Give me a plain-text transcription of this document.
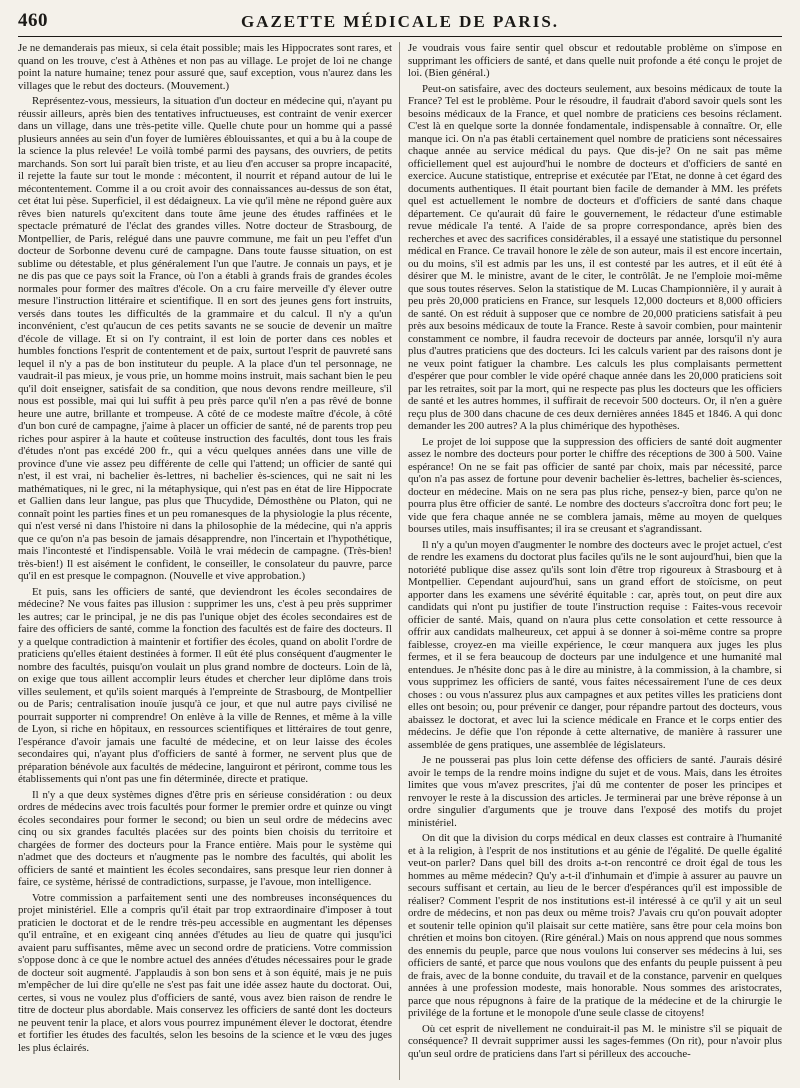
460	GAZETTE MÉDICALE DE PARIS.

Je ne demanderais pas mieux, si cela était possible; mais les Hippocrates sont rares, et quand on les trouve, c'est à Athènes et non pas au village. Le projet de loi ne change point la nature humaine; tenez pour assuré que, sauf exception, vous n'aurez dans les villages que le rebut des docteurs. (Mouvement.)

Représentez-vous, messieurs, la situation d'un docteur en médecine qui, n'ayant pu réussir ailleurs, après bien des tentatives infructueuses, est contraint de venir exercer dans un village, dans une très-petite ville. Quelle chute pour un homme qui a passé plusieurs années au sein d'un foyer de lumières éblouissantes, et qui a bu à la coupe de la science la plus relevée! Le voilà tombé parmi des paysans, des ouvriers, de petits marchands. Son sort lui paraît bien triste, et au lieu d'en accuser sa propre incapacité, il rejette la faute sur tout le monde : mécontent, il nourrit et répand autour de lui le mécontentement. Comme il a ou croit avoir des connaissances au-dessus de son état, cet état lui pèse. Superficiel, il est dédaigneux. La vie qu'il mène ne répond guère aux rêves bien naturels qu'excitent dans toute âme jeune des études raffinées et le spectacle prématuré de l'éclat des grandes villes. Notre docteur de Strasbourg, de Montpellier, de Paris, relégué dans une pauvre commune, me fait un peu l'effet d'un docteur de Sorbonne devenu curé de campagne. Dans toute fausse situation, on est sublime ou détestable, et plus généralement l'un que l'autre. Je connais un pays, et je ne dis pas que ce pays soit la France, où l'on a établi à grands frais de grandes écoles normales pour former des maîtres d'école. On a cru faire merveille d'y élever outre mesure l'instruction littéraire et scientifique. Il en sort des jeunes gens fort instruits, versés dans toutes les difficultés de la grammaire et du calcul. Il n'y a qu'un inconvénient, c'est qu'aucun de ces petits savants ne se soucie de devenir un maître d'école de village. Et si on l'y contraint, il est loin de porter dans ces nobles et humbles fonctions l'esprit de contentement et de paix, surtout l'esprit de pauvreté sans lequel il n'y a pas de bon instituteur du peuple. A la place d'un tel personnage, ne vaudrait-il pas mieux, je vous prie, un homme moins instruit, mais sachant bien le peu qu'il doit enseigner, satisfait de sa condition, que nous devons rendre meilleure, s'il nous est possible, mai qui lui suffit à peu près parce qu'il n'en a pas rêvé de bonne heure une autre, brillante et trompeuse. A côté de ce modeste maître d'école, à côté d'un bon curé de campagne, j'aime à placer un officier de santé, né de parents trop peu riches pour aspirer à la haute et coûteuse instruction des facultés, dont tous les frais d'études n'ont pas excédé 200 fr., qui a vécu quelques années dans une ville de province d'une vie assez peu différente de celle qui l'attend; un officier de santé qui n'est, il est vrai, ni bachelier ès-lettres, ni bachelier ès-sciences, qui ne sait ni les mathématiques, ni le grec, ni la métaphysique, qui n'est pas en état de lire Hippocrate et Gallien dans leur langue, pas plus que Thucydide, Démosthène ou Platon, qui ne connaît point les parties fines et un peu romanesques de la physiologie la plus récente, qui n'est versé ni dans l'histoire ni dans la philosophie de la médecine, qui n'a appris que ce qu'on n'a pas besoin de jamais désapprendre, non l'incertain et l'hypothétique, mais l'incontesté et l'indispensable. Voilà le vrai médecin de campagne. (Très-bien! très-bien!) Il est aisément le confident, le conseiller, le consolateur du pauvre, parce qu'il en est presque le compagnon. (Nouvelle et vive approbation.)

Et puis, sans les officiers de santé, que deviendront les écoles secondaires de médecine? Ne vous faites pas illusion : supprimer les uns, c'est à peu près supprimer les autres; car le principal, je ne dis pas l'unique objet des écoles secondaires est de faire des officiers de santé, comme la fonction des facultés est de faire des docteurs. Il y a quelque contradiction à maintenir et fortifier des écoles, quand on abolit l'ordre de praticiens qu'elles étaient destinées à former. Il eût été plus conséquent d'augmenter le nombre des facultés, puisqu'on voulait un plus grand nombre de docteurs. Loin de là, on exige que tous aillent accomplir leurs études et chercher leur diplôme dans trois villes seulement, et qu'ils soient marqués à l'empreinte de Strasbourg, de Montpellier ou de Paris; centralisation inouïe jusqu'à ce jour, et que nul autre pays civilisé ne pourrait supporter ni comprendre! On enlève à la ville de Rennes, et même à la ville de Lyon, si riche en hôpitaux, en ressources scientifiques et littéraires de tout genre, l'espérance d'avoir jamais une faculté de médecine, et on leur laisse des écoles secondaires qui, n'ayant plus d'officiers de santé à former, ne servent plus que de préparation bénévole aux facultés de médecine, languiront et périront, comme tous les établissements qui n'ont pas une fin déterminée, directe et pratique.

Il n'y a que deux systèmes dignes d'être pris en sérieuse considération : ou deux ordres de médecins avec trois facultés pour former le premier ordre et quinze ou vingt écoles secondaires pour former le second; ou bien un seul ordre de médecins avec cinq ou six grandes facultés placées sur des points bien choisis du territoire et chargées de former des docteurs pour la France entière. Mais pour le système qui n'admet que des docteurs et n'augmente pas le nombre des facultés, qui abolit les officiers de santé et maintient les écoles secondaires, sans presque leur rien donner à faire, ce système, hérissé de contradictions, surpasse, je l'avoue, mon intelligence.

Votre commission a parfaitement senti une des nombreuses inconséquences du projet ministériel. Elle a compris qu'il était par trop extraordinaire d'imposer à tout praticien le doctorat et de le rendre très-peu accessible en augmentant les dépenses qu'il entraîne, et en exigeant cinq années d'études au lieu de quatre qui jusqu'ici avaient paru suffisantes, même avec un second ordre de praticiens. Votre commission s'oppose donc à ce que le nombre actuel des années d'études nécessaires pour le grade de docteur soit augmenté. J'applaudis à son bon sens et à son équité, mais je ne puis m'empêcher de lui dire qu'elle ne s'est pas fait une idée assez haute du doctorat. Oui, certes, si vous ne voulez plus d'officiers de santé, vous avez bien raison de rendre le titre de docteur plus abordable. Mais conservez les officiers de santé dont les docteurs ne peuvent tenir la place, et alors vous pourrez impunément élever le doctorat, étendre et fortifier les études des facultés, selon les besoins de la science et le vœu des juges les plus éclairés.

Je voudrais vous faire sentir quel obscur et redoutable problème on s'impose en supprimant les officiers de santé, et dans quelle nuit profonde a été conçu le projet de loi. (Bien général.)

Peut-on satisfaire, avec des docteurs seulement, aux besoins médicaux de toute la France? Tel est le problème. Pour le résoudre, il faudrait d'abord savoir quels sont les besoins médicaux de la France, et quel nombre de praticiens ces besoins réclament. C'est là en quelque sorte la donnée fondamentale, indispensable à connaître. Or, elle manque ici. On n'a pas établi certainement quel nombre de praticiens sont nécessaires chaque année au service médical du pays. Que dis-je? On ne sait pas même officiellement quel est aujourd'hui le nombre de docteurs et d'officiers de santé en exercice. Aucune statistique, entreprise et exécutée par l'Etat, ne donne à cet égard des documents authentiques. Il était pourtant bien facile de demander à MM. les préfets quel est actuellement le nombre de docteurs et d'officiers de santé dans chaque département. Ce qu'aurait dû faire le gouvernement, le rédacteur d'une estimable revue médicale l'a tenté. A l'aide de sa propre correspondance, après bien des recherches et avec des sacrifices considérables, il a essayé une statistique du personnel médical en France. Ce travail honore le zèle de son auteur, mais il est encore incertain, ou du moins, s'il est admis par les uns, il est contesté par les autres, et il eût été à désirer que M. le ministre, avant de le citer, le contrôlât. Je ne l'emploie moi-même que sous toutes réserves. Selon la statistique de M. Lucas Championnière, il y aurait à peu près 20,000 praticiens en France, sur lesquels 12,000 docteurs et 8,000 officiers de santé. On est réduit à supposer que ce nombre de 20,000 praticiens satisfait à peu près aux besoins médicaux de toute la France. Reste à savoir combien, pour maintenir constamment ce nombre, il faudra recevoir de docteurs par année, lorsqu'il n'y aura plus d'autres praticiens que des docteurs. Ici les calculs varient par des raisons dont je ne veux point fatiguer la chambre. Les calculs les plus complaisants permettent d'espérer que pour combler le vide opéré chaque année dans les 20,000 praticiens soit par les retraites, soit par la mort, qui ne respecte pas plus les docteurs que les officiers de santé et les autres hommes, il suffirait de recevoir 500 docteurs. Or, il n'en a guère reçu plus de 300 dans chacune de ces deux dernières années 1845 et 1846. A qui donc demander les 200 autres? A la plus chimérique des hypothèses.

Le projet de loi suppose que la suppression des officiers de santé doit augmenter assez le nombre des docteurs pour porter le chiffre des réceptions de 300 à 500. Vaine espérance! On ne se fait pas officier de santé par choix, mais par nécessité, parce qu'on n'a pas assez de fortune pour devenir bachelier ès-lettres, bachelier ès-sciences, docteur en médecine. Mais on ne sera pas plus riche, pensez-y bien, parce qu'on ne pourra plus être officier de santé. Le nombre des docteurs s'accroîtra donc fort peu; le vide que fera chaque année ne se comblera jamais, même au moyen de quelques bourses utiles, mais insuffisantes; il ira se creusant et s'agrandissant.

Il n'y a qu'un moyen d'augmenter le nombre des docteurs avec le projet actuel, c'est de rendre les examens du doctorat plus faciles qu'ils ne le sont aujourd'hui, bien que la notoriété publique dise assez qu'ils sont loin d'être trop rigoureux à Strasbourg et à Montpellier. Cependant aujourd'hui, sans un grand effort de stoïcisme, on peut apporter dans les examens une sévérité équitable : car, après tout, on peut dire aux candidats qui n'ont pu justifier de toute l'instruction requise : Faites-vous recevoir officier de santé. Mais, quand on n'aura plus cette consolation et cette ressource à offrir aux candidats malheureux, cet appui à se donner à soi-même contre sa propre faiblesse, croyez-en ma vieille expérience, le cœur manquera aux juges les plus fermes, et il se fera beaucoup de docteurs par une indulgence et une humanité mal entendues. Je n'hésite donc pas à le dire au ministre, à la commission, à la chambre, si vous supprimez les officiers de santé, vous faites nécessairement l'une de ces deux choses : ou vous n'assurez plus aux campagnes et aux petites villes les praticiens dont elles ont besoin; ou, pour prévenir ce danger, pour répandre partout des docteurs, vous abaissez le doctorat, et avec lui la science médicale en France et le corps entier des médecins. Je défie que l'on réponde à cette alternative, de manière à rassurer une assemblée de gens pratiques, une assemblée de législateurs.

Je ne pousserai pas plus loin cette défense des officiers de santé. J'aurais désiré avoir le temps de la rendre moins indigne du sujet et de vous. Mais, dans les étroites limites que vous m'avez prescrites, j'ai dû me contenter de poser les principes et renvoyer le reste à la discussion des articles. Je terminerai par une brève réponse à un ordre singulier d'arguments que je trouve dans l'exposé des motifs du projet ministériel.

On dit que la division du corps médical en deux classes est contraire à l'humanité et à la religion, à l'esprit de nos institutions et au génie de l'égalité. De quelle égalité veut-on parler? Dans quel bill des droits a-t-on rencontré ce droit égal de tous les hommes au même médecin? Qu'y a-t-il d'inhumain et d'impie à assurer au pauvre un secours suffisant et certain, au lieu de le bercer d'espérances qu'il est impossible de réaliser? Comment l'esprit de nos institutions est-il intéressé à ce qu'il y ait un seul ordre de médecins, et non pas deux ou même trois? J'avais cru qu'on pouvait adopter et soutenir telle opinion qu'il plaisait sur cette matière, sans être pour cela moins bon chrétien et moins bon citoyen. (Rire général.) Mais on nous apprend que nous sommes des ennemis du peuple, parce que nous voulons lui conserver ses médecins à lui, ses officiers de santé, et parce que nous voulons que des enfants du peuple puissent à peu de frais, avec de la bonne conduite, du travail et de la constance, parvenir en quelques années à une profession modeste, mais honorable. Nous sommes des aristocrates, parce que nous répugnons à faire de la pratique de la médecine et de la chirurgie le privilége de la fortune et le monopole d'une seule classe de citoyens!

Où cet esprit de nivellement ne conduirait-il pas M. le ministre s'il se piquait de conséquence? Il devrait supprimer aussi les sages-femmes (On rit), pour n'avoir plus qu'un seul ordre de praticiens dans l'art si périlleux des accouche-
